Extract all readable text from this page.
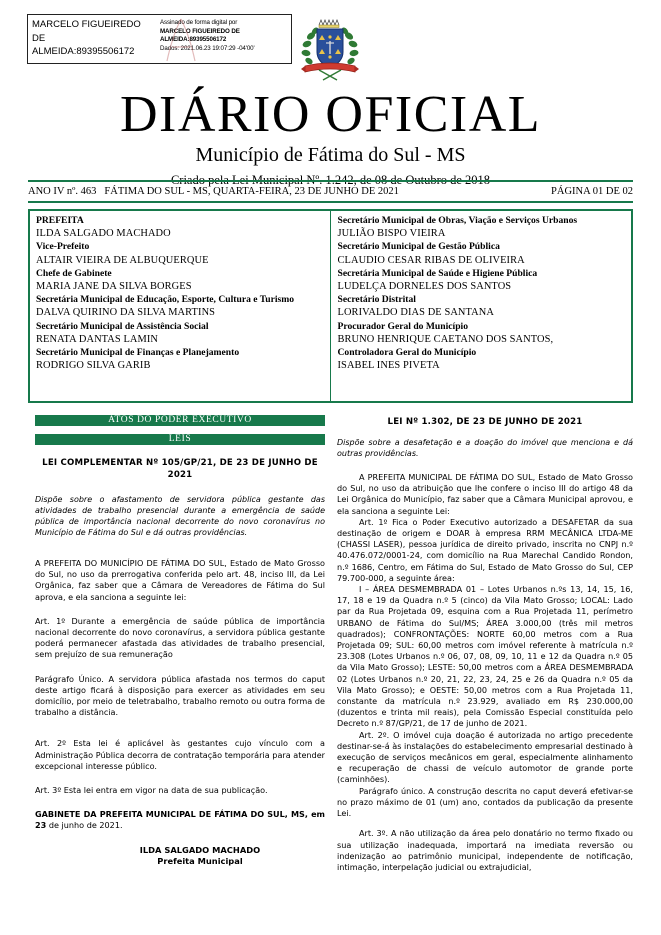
MARCELO FIGUEIREDO
DE
ALMEIDA:89395506172
Assinado de forma digital por
MARCELO FIGUEIREDO DE
ALMEIDA:89395506172
Dados: 2021.06.23 19:07:29 -04'00'
DIÁRIO OFICIAL
Município de Fátima do Sul - MS
ANO IV nº. 463 FÁTIMA DO SUL - MS, QUARTA-FEIRA, 23 DE JUNHO DE 2021	PÁGINA 01 DE 02
PREFEITA
ILDA SALGADO MACHADO
Vice-Prefeito
ALTAIR VIEIRA DE ALBUQUERQUE
Chefe de Gabinete
MARIA JANE DA SILVA BORGES
Secretária Municipal de Educação, Esporte, Cultura e Turismo
DALVA QUIRINO DA SILVA MARTINS
Secretário Municipal de Assistência Social
RENATA DANTAS LAMIN
Secretário Municipal de Finanças e Planejamento
RODRIGO SILVA GARIB
Secretário Municipal de Obras, Viação e Serviços Urbanos
JULIÃO BISPO VIEIRA
Secretário Municipal de Gestão Pública
CLAUDIO CESAR RIBAS DE OLIVEIRA
Secretária Municipal de Saúde e Higiene Pública
LUDELÇA DORNELES DOS SANTOS
Secretário Distrital
LORIVALDO DIAS DE SANTANA
Procurador Geral do Município
BRUNO HENRIQUE CAETANO DOS SANTOS,
Controladora Geral do Município
ISABEL INES PIVETA
ATOS DO PODER EXECUTIVO
LEIS
LEI COMPLEMENTAR Nº 105/GP/21, DE 23 DE JUNHO DE 2021
Dispõe sobre o afastamento de servidora pública gestante das atividades de trabalho presencial durante a emergência de saúde pública de importância nacional decorrente do novo coronavírus no Município de Fátima do Sul e dá outras providências.
A PREFEITA DO MUNICÍPIO DE FÁTIMA DO SUL, Estado de Mato Grosso do Sul, no uso da prerrogativa conferida pelo art. 48, inciso III, da Lei Orgânica, faz saber que a Câmara de Vereadores de Fátima do Sul aprova, e ela sanciona a seguinte lei:
Art. 1º Durante a emergência de saúde pública de importância nacional decorrente do novo coronavírus, a servidora pública gestante poderá permanecer afastada das atividades de trabalho presencial, sem prejuízo de sua remuneração
Parágrafo Único. A servidora pública afastada nos termos do caput deste artigo ficará à disposição para exercer as atividades em seu domicílio, por meio de teletrabalho, trabalho remoto ou outra forma de trabalho a distância.
Art. 2º Esta lei é aplicável às gestantes cujo vínculo com a Administração Pública decorra de contratação temporária para atender excepcional interesse público.
Art. 3º Esta lei entra em vigor na data de sua publicação.
GABINETE DA PREFEITA MUNICIPAL DE FÁTIMA DO SUL, MS, em 23 de junho de 2021.
ILDA SALGADO MACHADO
Prefeita Municipal
LEI Nº 1.302, DE 23 DE JUNHO DE 2021
Dispõe sobre a desafetação e a doação do imóvel que menciona e dá outras providências.
A PREFEITA MUNICIPAL DE FÁTIMA DO SUL, Estado de Mato Grosso do Sul, no uso da atribuição que lhe confere o inciso III do artigo 48 da Lei Orgânica do Município, faz saber que a Câmara Municipal aprovou, e ela sanciona a seguinte Lei:
Art. 1º Fica o Poder Executivo autorizado a DESAFETAR da sua destinação de origem e DOAR à empresa RRM MECÂNICA LTDA-ME (CHASSI LASER), pessoa jurídica de direito privado, inscrita no CNPJ n.º 40.476.072/0001-24, com domicílio na Rua Marechal Candido Rondon, n.º 1686, Centro, em Fátima do Sul, Estado de Mato Grosso do Sul, CEP 79.700-000, a seguinte área:
I – ÁREA DESMEMBRADA 01 – Lotes Urbanos n.ºs 13, 14, 15, 16, 17, 18 e 19 da Quadra n.º 5 (cinco) da Vila Mato Grosso; LOCAL: Lado par da Rua Projetada 09, esquina com a Rua Projetada 11, perímetro URBANO de Fátima do Sul/MS; ÁREA 3.000,00 (três mil metros quadrados); CONFRONTAÇÕES: NORTE 60,00 metros com a Rua Projetada 09; SUL: 60,00 metros com imóvel referente à matrícula n.º 23.308 (Lotes Urbanos n.º 06, 07, 08, 09, 10, 11 e 12 da Quadra n.º 05 da Vila Mato Grosso); LESTE: 50,00 metros com a ÁREA DESMEMBRADA 02 (Lotes Urbanos n.º 20, 21, 22, 23, 24, 25 e 26 da Quadra n.º 05 da Vila Mato Grosso); e OESTE: 50,00 metros com a Rua Projetada 11, constante da matrícula n.º 23.929, avaliado em R$ 230.000,00 (duzentos e trinta mil reais), pela Comissão Especial constituída pelo Decreto n.º 87/GP/21, de 17 de junho de 2021.
Art. 2º. O imóvel cuja doação é autorizada no artigo precedente destinar-se-á às instalações do estabelecimento empresarial destinado à execução de serviços mecânicos em geral, especialmente alinhamento e recuperação de chassi de veículo automotor de grande porte (caminhões).
Parágrafo único. A construção descrita no caput deverá efetivar-se no prazo máximo de 01 (um) ano, contados da publicação da presente Lei.
Art. 3º. A não utilização da área pelo donatário no termo fixado ou sua utilização inadequada, importará na imediata reversão ou indenização ao patrimônio municipal, independente de notificação, intimação, interpelação judicial ou extrajudicial,
